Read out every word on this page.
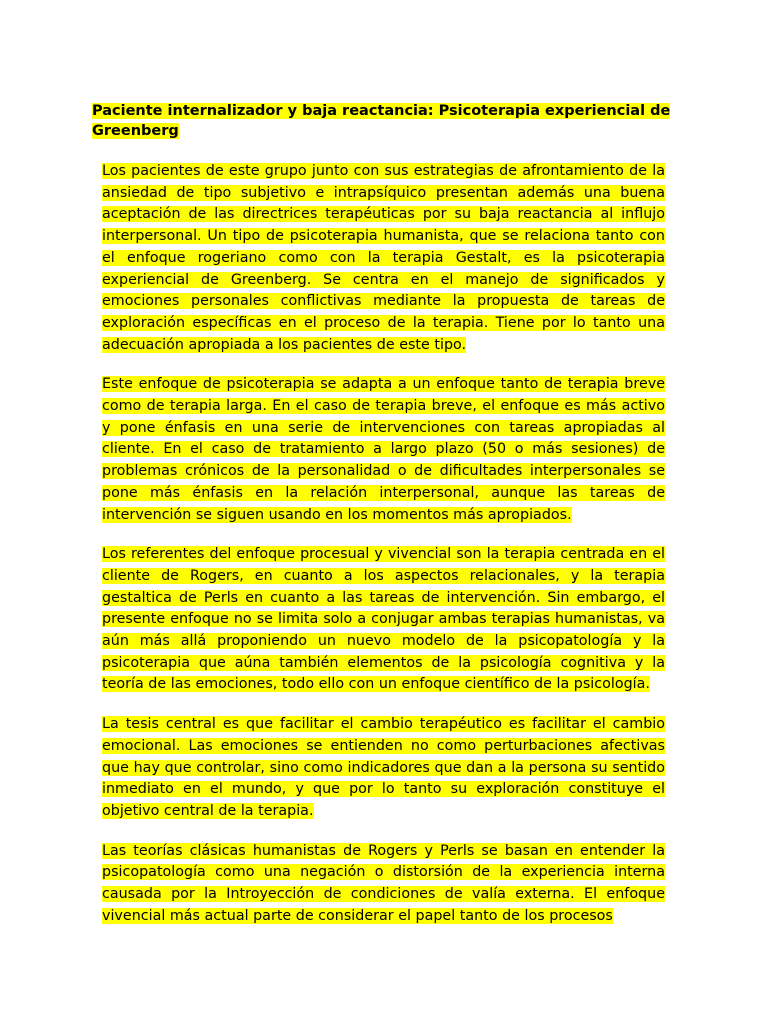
Paciente internalizador y baja reactancia: Psicoterapia experiencial de Greenberg

Los pacientes de este grupo junto con sus estrategias de afrontamiento de la ansiedad de tipo subjetivo e intrapsíquico presentan además una buena aceptación de las directrices terapéuticas por su baja reactancia al influjo interpersonal. Un tipo de psicoterapia humanista, que se relaciona tanto con el enfoque rogeriano como con la terapia Gestalt, es la psicoterapia experiencial de Greenberg. Se centra en el manejo de significados y emociones personales conflictivas mediante la propuesta de tareas de exploración específicas en el proceso de la terapia. Tiene por lo tanto una adecuación apropiada a los pacientes de este tipo.

Este enfoque de psicoterapia se adapta a un enfoque tanto de terapia breve como de terapia larga. En el caso de terapia breve, el enfoque es más activo y pone énfasis en una serie de intervenciones con tareas apropiadas al cliente. En el caso de tratamiento a largo plazo (50 o más sesiones) de problemas crónicos de la personalidad o de dificultades interpersonales se pone más énfasis en la relación interpersonal, aunque las tareas de intervención se siguen usando en los momentos más apropiados.

Los referentes del enfoque procesual y vivencial son la terapia centrada en el cliente de Rogers, en cuanto a los aspectos relacionales, y la terapia gestaltica de Perls en cuanto a las tareas de intervención. Sin embargo, el presente enfoque no se limita solo a conjugar ambas terapias humanistas, va aún más allá proponiendo un nuevo modelo de la psicopatología y la psicoterapia que aúna también elementos de la psicología cognitiva y la teoría de las emociones, todo ello con un enfoque científico de la psicología.

La tesis central es que facilitar el cambio terapéutico es facilitar el cambio emocional. Las emociones se entienden no como perturbaciones afectivas que hay que controlar, sino como indicadores que dan a la persona su sentido inmediato en el mundo, y que por lo tanto su exploración constituye el objetivo central de la terapia.

Las teorías clásicas humanistas de Rogers y Perls se basan en entender la psicopatología como una negación o distorsión de la experiencia interna causada por la Introyección de condiciones de valía externa. El enfoque vivencial más actual parte de considerar el papel tanto de los procesos
